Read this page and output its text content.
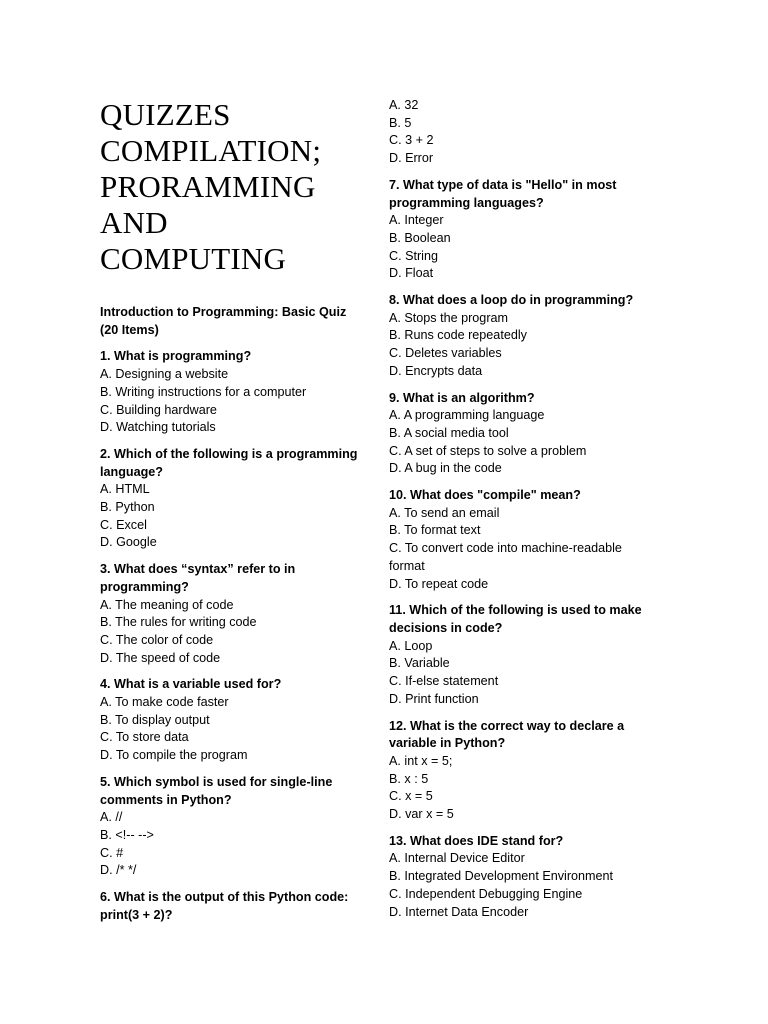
QUIZZES
COMPILATION;
PRORAMMING
AND
COMPUTING
Introduction to Programming: Basic Quiz (20 Items)
1. What is programming?
A. Designing a website
B. Writing instructions for a computer
C. Building hardware
D. Watching tutorials
2. Which of the following is a programming language?
A. HTML
B. Python
C. Excel
D. Google
3. What does “syntax” refer to in programming?
A. The meaning of code
B. The rules for writing code
C. The color of code
D. The speed of code
4. What is a variable used for?
A. To make code faster
B. To display output
C. To store data
D. To compile the program
5. Which symbol is used for single-line comments in Python?
A. //
B. <!-- -->
C. #
D. /* */
6. What is the output of this Python code: print(3 + 2)?
A. 32
B. 5
C. 3 + 2
D. Error
7. What type of data is "Hello" in most programming languages?
A. Integer
B. Boolean
C. String
D. Float
8. What does a loop do in programming?
A. Stops the program
B. Runs code repeatedly
C. Deletes variables
D. Encrypts data
9. What is an algorithm?
A. A programming language
B. A social media tool
C. A set of steps to solve a problem
D. A bug in the code
10. What does "compile" mean?
A. To send an email
B. To format text
C. To convert code into machine-readable format
D. To repeat code
11. Which of the following is used to make decisions in code?
A. Loop
B. Variable
C. If-else statement
D. Print function
12. What is the correct way to declare a variable in Python?
A. int x = 5;
B. x : 5
C. x = 5
D. var x = 5
13. What does IDE stand for?
A. Internal Device Editor
B. Integrated Development Environment
C. Independent Debugging Engine
D. Internet Data Encoder
